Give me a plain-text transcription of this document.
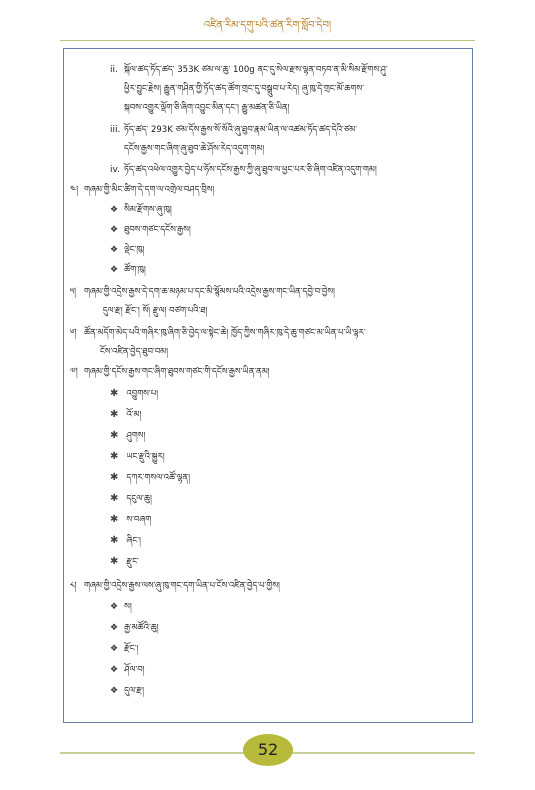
འཛིན་རིམ་དགུ་པའི་ཚན་རིག་སློབ་དེབ།
ii. སྐོལ་ཚད་ཏོད་ཚད་ 353K ཙམ་ལ་ཆུ་ 100g ནང་དུ་སེལ་རྫས་ལྷན་བཏབ་ན་མི་སིམ་རྫོགས་ཤུ་
ཕྱིར་བྱུང་རྗེས། རྒྱུན་གཤིན་གྱི་ཏོད་ཚད་ཚོག་གྲང་དུ་བསྒྲུབ་པ་རེད། ཞུ་ཁུ་དེ་གྲང་མོ་ཆགས་
སྐབས་འགྱུར་ལྡོག་ཅི་ཞིག་འབྱུང་མིན་དང་། རྒྱུ་མཚན་ཅི་ཡིན།
iii. ཏོད་ཚད་ 293K ཙམ་དོས་རྒྱས་སོ་སོའི་ཞུ་ཐུབ་རྣམ་ཡིན་ལ་འཚམ་ཏོད་ཚད་དེའི་ཙམ་
དངོས་རྒྱས་གང་ཞིག་ཞུ་ཐུབ་ཆེ་ཤོས་རེད་འདུག་གམ།
iv. ཏོད་ཚད་འཕེལ་འགྱུར་བྱེད་པ་ཧོས་དངོས་རྒྱས་ཀྱི་ཞུ་ཐུབ་ལ་ཕྱང་པར་ཅི་ཞིག་འཛིན་འདུག་གམ།
༤། གཞམ་གྱི་མིང་ཚིག་དེ་དག་ལ་འགྲེལ་བཤད་བྲིས།
❖ སིམ་རྫོགས་ཞུ་ཁུ།
❖ ཐུབས་གཙང་དངོས་རྒྱས།
❖ ལྡེང་ཁུ།
❖ ཚོག་ཁུ།
༥། གཞམ་གྱི་འདྲེས་རྒྱས་དེ་དག་ཆ་མཉམ་པ་དང་མི་སྙོམས་པའི་འདྲེས་རྒྱས་གང་ཡིན་དབྱེ་བ་བྱེས།
དུལ་རྫ། རྫོང་། སོ། རྫུལ། བཙག་པའི་ཐ།
༦། ཚོན་མདོག་མེད་པའི་གཞིར་ཁུ་ཞིག་ཅི་བྱེད་ལ་སྟེང་ཆེ། ཁྱོད་ཀྱིས་གཞིར་ཁུ་དེ་ཆུ་གཙང་མ་ཡིན་པ་ཡི་ལྟར་
ངོས་འཛིན་བྱེད་ཐུབ་བམ།
༧། གཞམ་གྱི་དངོས་རྒྱས་གང་ཞིག་ཐུབས་གཙང་གི་དངོས་རྒྱས་ཡིན་ནམ།
✱ འབྱུགས་པ།
✱ འོ་མ།
✱ ཤུགས།
✱ ཡང་རྫུའི་སྐྱུར།
✱ དཀར་གསལ་འཚོ་ལྷན།
✱ དངུལ་ཆུ།
✱ ས་བཞག
✱ ཞིང་།
✱ རྫུང་
༨། གཞམ་གྱི་འདྲེས་རྒྱས་ལས་ཞུ་ཁུ་གང་དག་ཡིན་པ་ངོས་འཛིན་བྱེད་པ་གྱིས།
❖ ས།
❖ རྒྱ་མཚོའི་ཆུ།
❖ རྫོང་།
❖ ཤོལ་བ།
❖ དུལ་རྫ།
52
